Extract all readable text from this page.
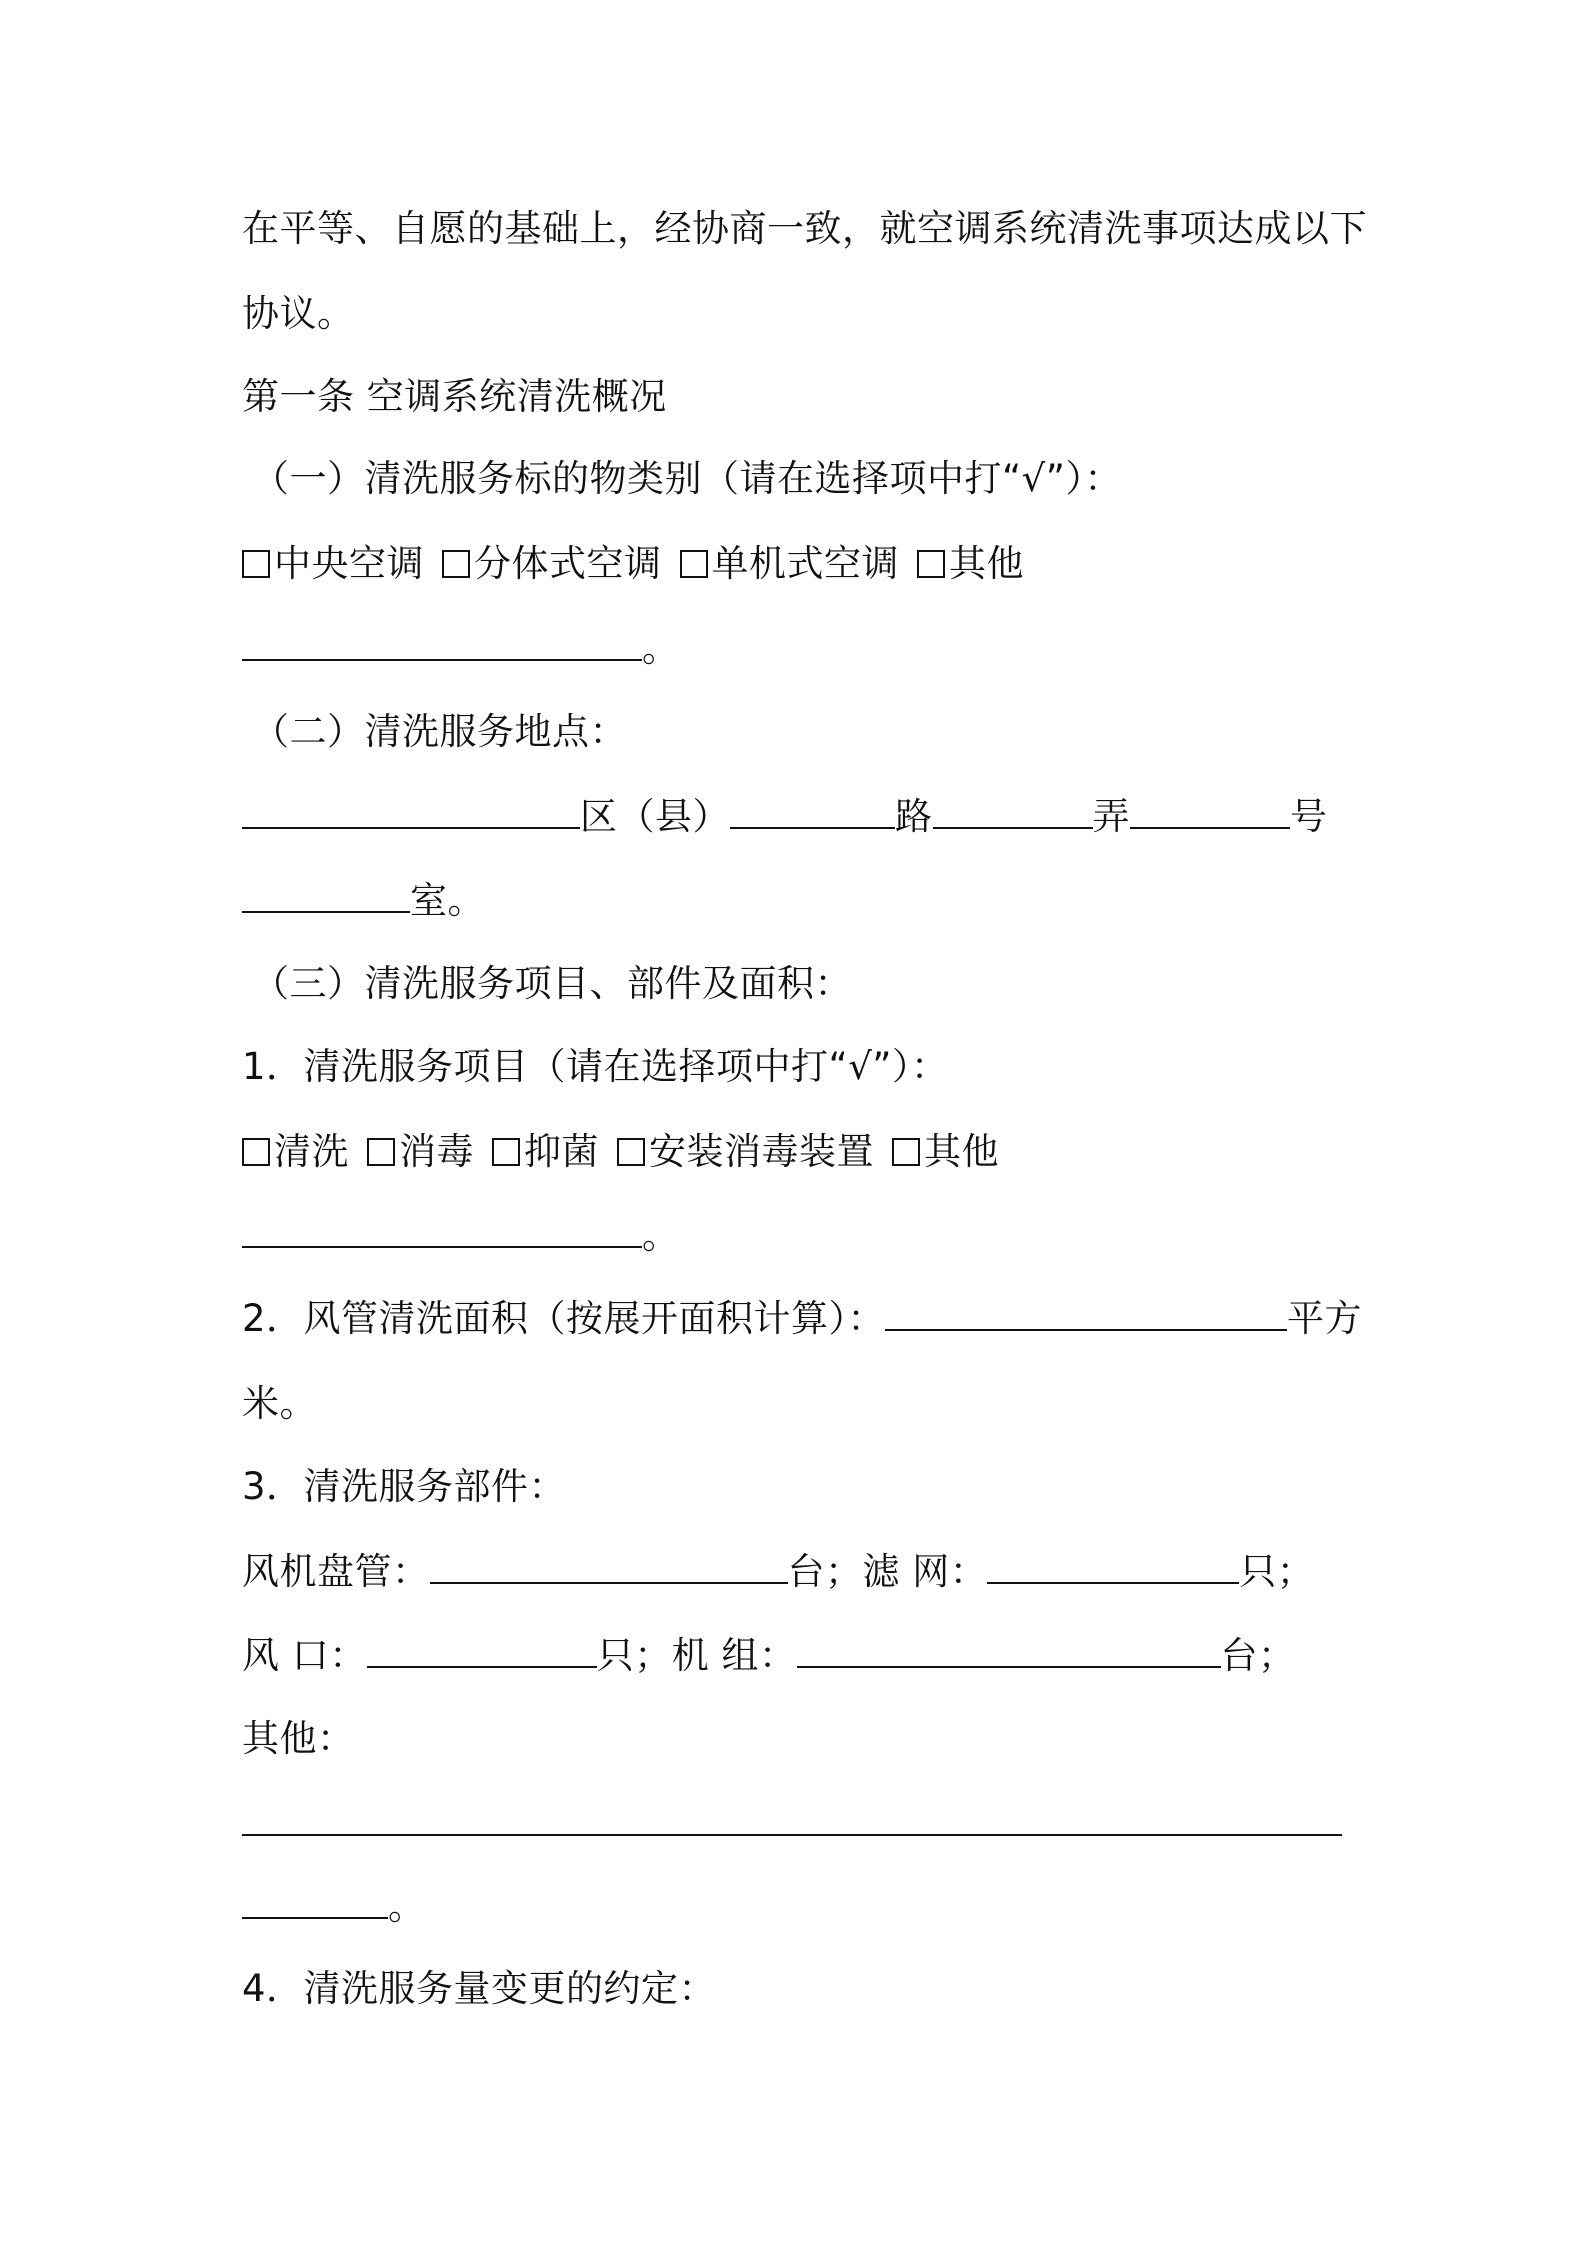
在平等、自愿的基础上，经协商一致，就空调系统清洗事项达成以下
协议。
第一条 空调系统清洗概况
（一）清洗服务标的物类别（请在选择项中打“√”）：
中央空调 分体式空调 单机式空调 其他
。
（二）清洗服务地点：
区（县）	路	弄	号
室。
（三）清洗服务项目、部件及面积：
1．清洗服务项目（请在选择项中打“√”）：
清洗 消毒 抑菌 安装消毒装置 其他
。
2．风管清洗面积（按展开面积计算）：	平方
米。
3．清洗服务部件：
风机盘管：	台；滤 网：	只；
风 口：	只；机 组：	台；
其他：
。
4．清洗服务量变更的约定：
